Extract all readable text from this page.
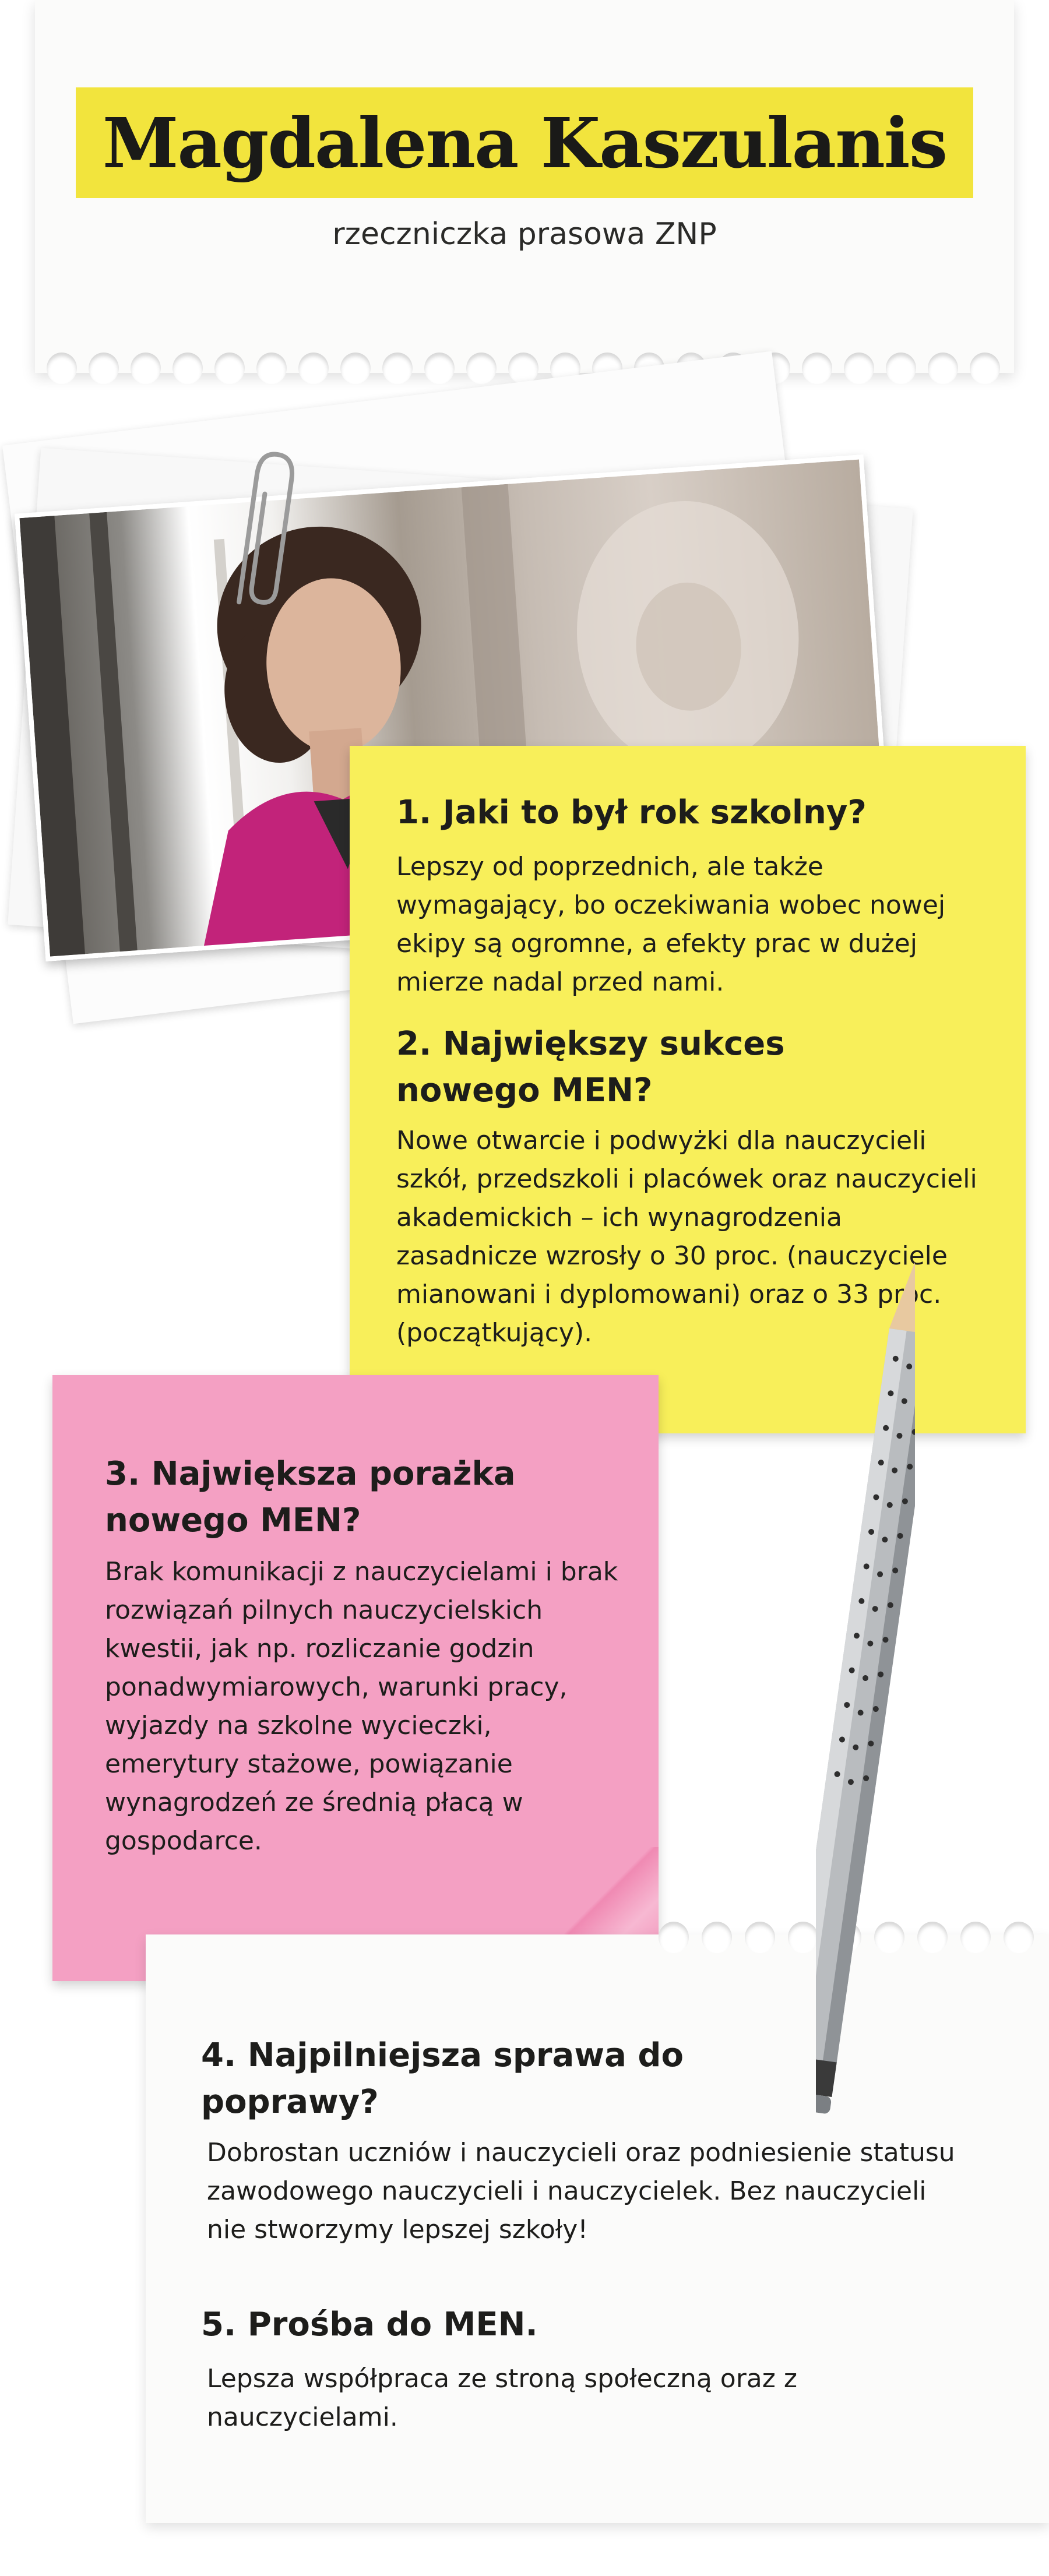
Magdalena Kaszulanis
rzeczniczka prasowa ZNP
1. Jaki to był rok szkolny?
Lepszy od poprzednich, ale także wymagający, bo oczekiwania wobec nowej ekipy są ogromne, a efekty prac w dużej mierze nadal przed nami.
2. Największy sukces nowego MEN?
Nowe otwarcie i podwyżki dla nauczycieli szkół, przedszkoli i placówek oraz nauczycieli akademickich – ich wynagrodzenia zasadnicze wzrosły o 30 proc. (nauczyciele mianowani i dyplomowani) oraz o 33 proc. (początkujący).
3. Największa porażka nowego MEN?
Brak komunikacji z nauczycielami i brak rozwiązań pilnych nauczycielskich kwestii, jak np. rozliczanie godzin ponadwymiarowych, warunki pracy, wyjazdy na szkolne wycieczki, emerytury stażowe, powiązanie wynagrodzeń ze średnią płacą w gospodarce.
4. Najpilniejsza sprawa do poprawy?
Dobrostan uczniów i nauczycieli oraz podniesienie statusu zawodowego nauczycieli i nauczycielek. Bez nauczycieli nie stworzymy lepszej szkoły!
5. Prośba do MEN.
Lepsza współpraca ze stroną społeczną oraz z nauczycielami.
